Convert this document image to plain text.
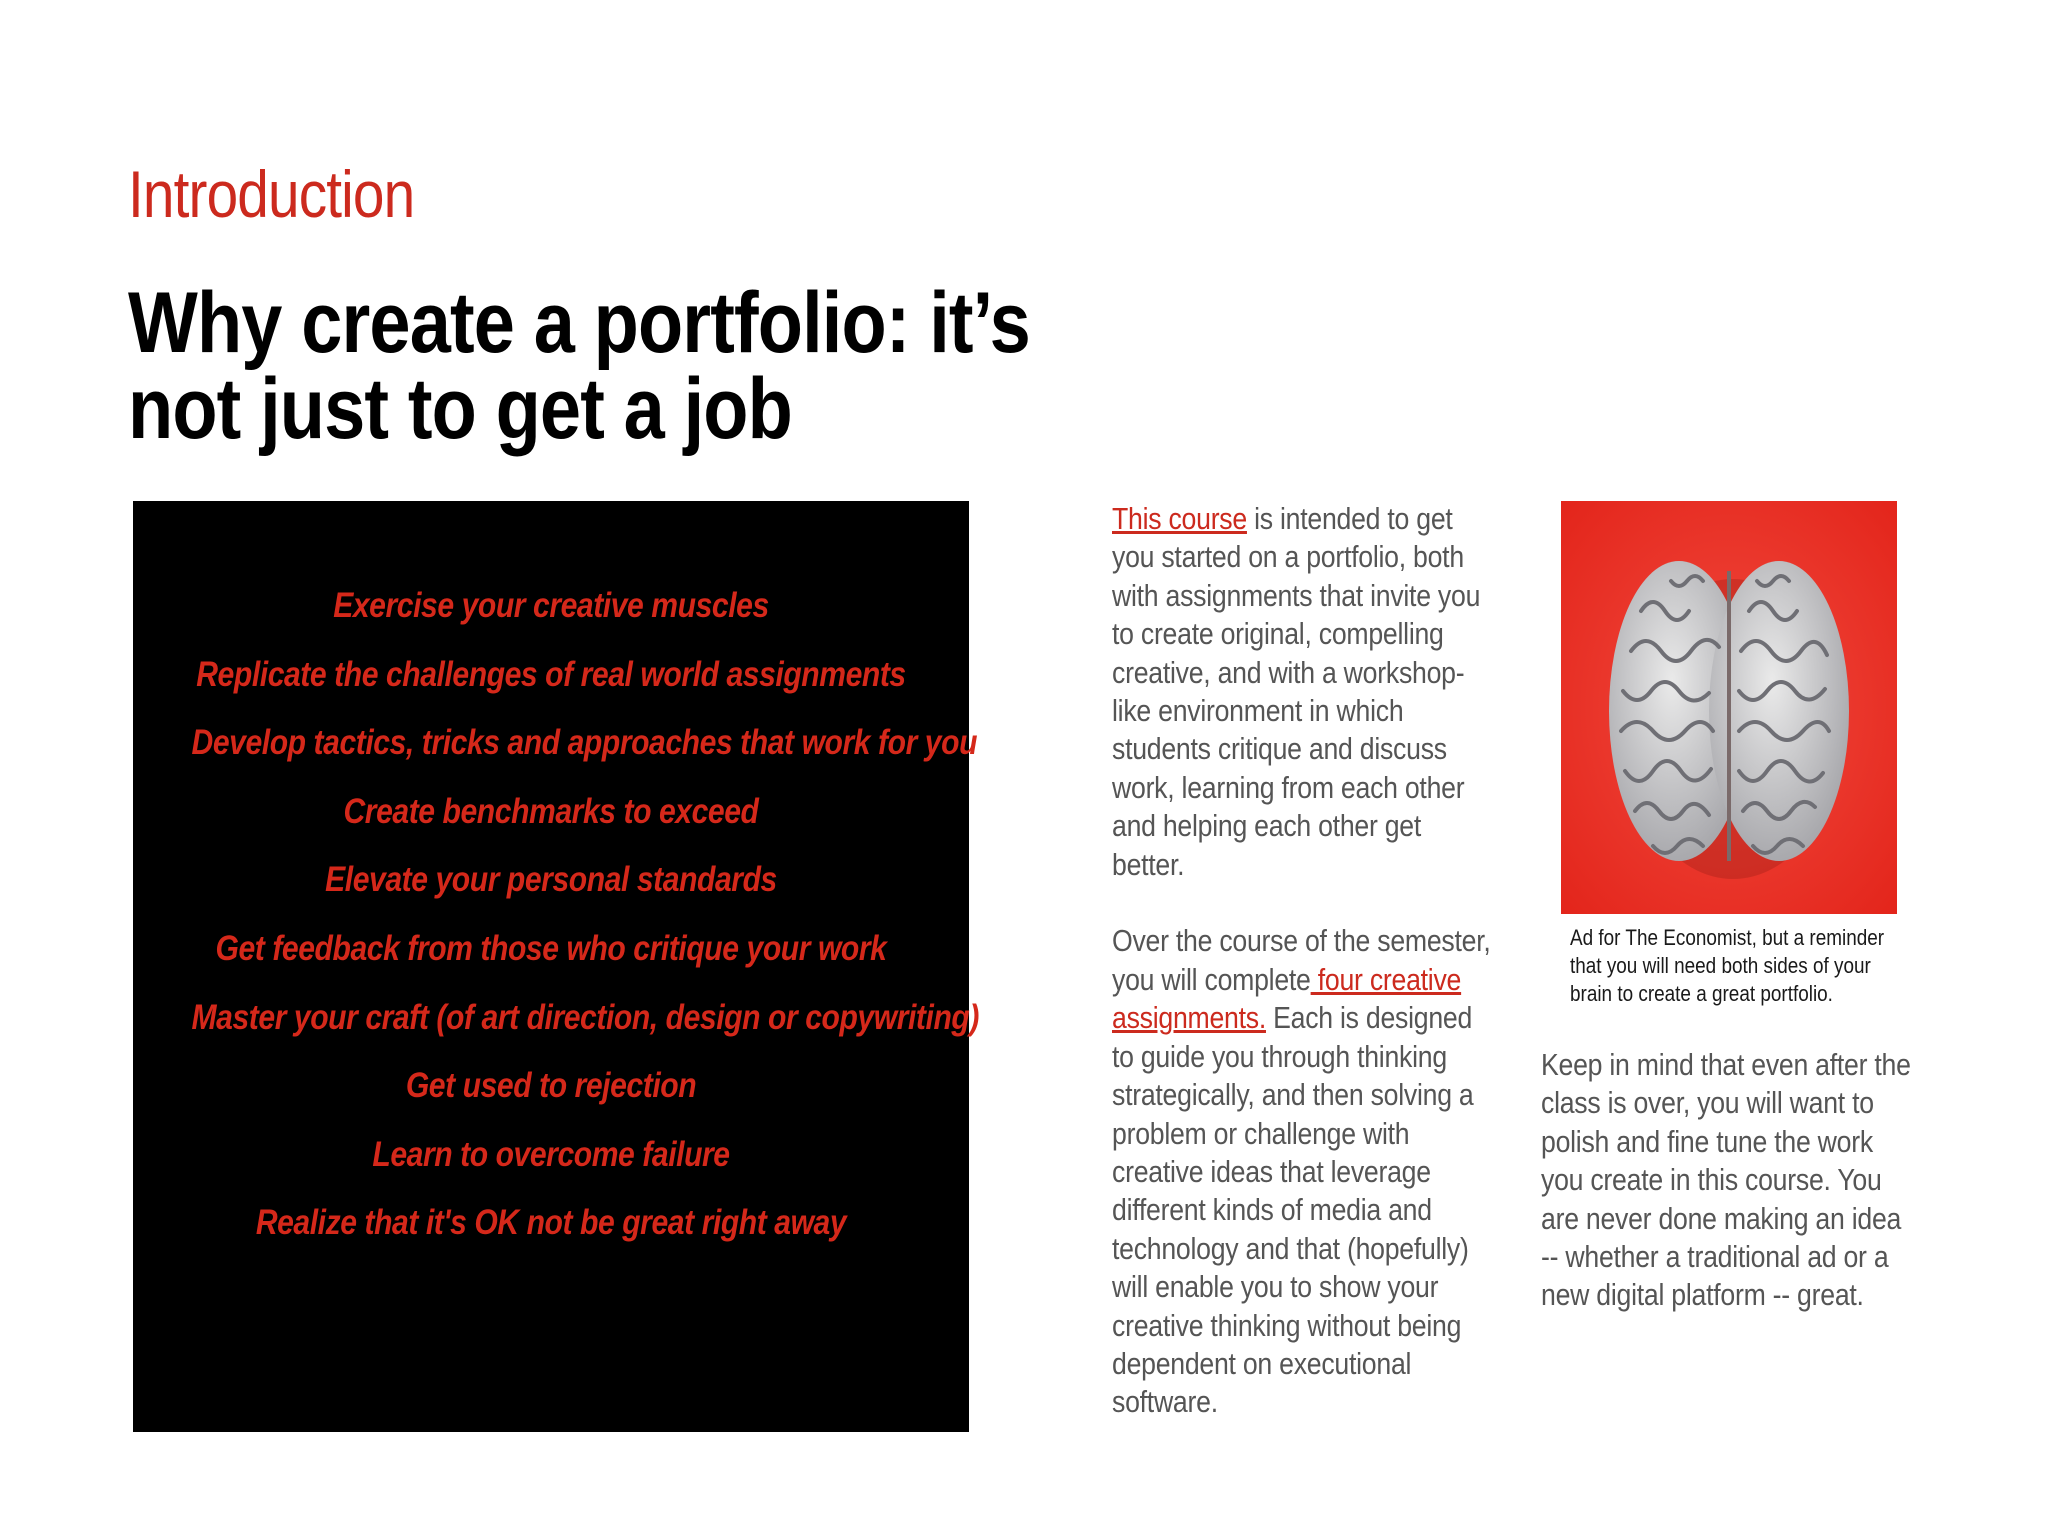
Introduction
Why create a portfolio: it’s
not just to get a job
Exercise your creative muscles
Replicate the challenges of real world assignments
Develop tactics, tricks and approaches that work for you
Create benchmarks to exceed
Elevate your personal standards
Get feedback from those who critique your work
Master your craft (of art direction, design or copywriting)
Get used to rejection
Learn to overcome failure
Realize that it's OK not be great right away
This course is intended to get
you started on a portfolio, both
with assignments that invite you
to create original, compelling
creative, and with a workshop-
like environment in which
students critique and discuss
work, learning from each other
and helping each other get
better.

Over the course of the semester,
you will complete four creative
assignments. Each is designed
to guide you through thinking
strategically, and then solving a
problem or challenge with
creative ideas that leverage
different kinds of media and
technology and that (hopefully)
will enable you to show your
creative thinking without being
dependent on executional
software.
Ad for The Economist, but a reminder
that you will need both sides of your
brain to create a great portfolio.
Keep in mind that even after the
class is over, you will want to
polish and fine tune the work
you create in this course. You
are never done making an idea
-- whether a traditional ad or a
new digital platform -- great.
